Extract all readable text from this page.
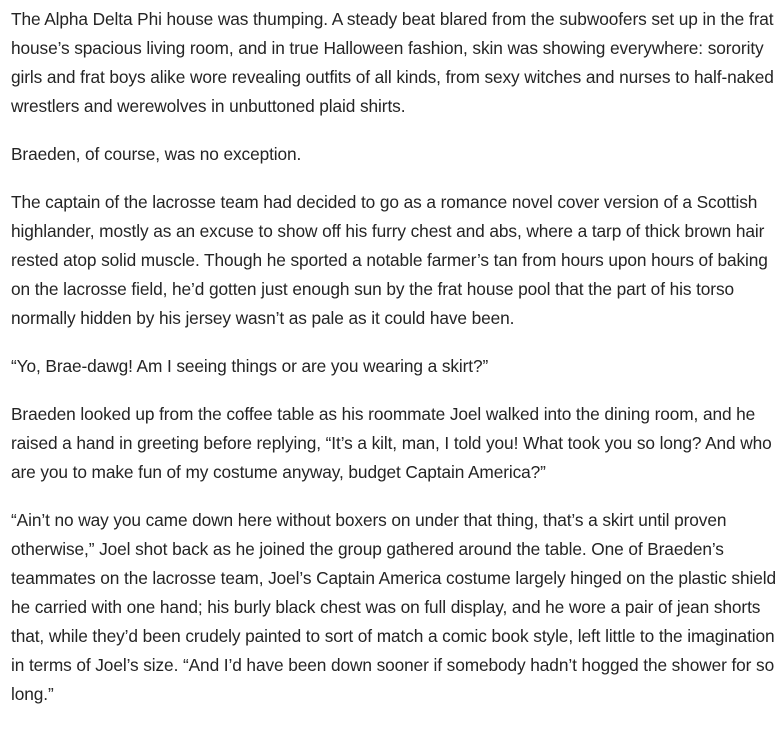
The Alpha Delta Phi house was thumping. A steady beat blared from the subwoofers set up in the frat house’s spacious living room, and in true Halloween fashion, skin was showing everywhere: sorority girls and frat boys alike wore revealing outfits of all kinds, from sexy witches and nurses to half-naked wrestlers and werewolves in unbuttoned plaid shirts.

Braeden, of course, was no exception.

The captain of the lacrosse team had decided to go as a romance novel cover version of a Scottish highlander, mostly as an excuse to show off his furry chest and abs, where a tarp of thick brown hair rested atop solid muscle. Though he sported a notable farmer’s tan from hours upon hours of baking on the lacrosse field, he’d gotten just enough sun by the frat house pool that the part of his torso normally hidden by his jersey wasn’t as pale as it could have been.

“Yo, Brae-dawg! Am I seeing things or are you wearing a skirt?”

Braeden looked up from the coffee table as his roommate Joel walked into the dining room, and he raised a hand in greeting before replying, “It’s a kilt, man, I told you! What took you so long? And who are you to make fun of my costume anyway, budget Captain America?”

“Ain’t no way you came down here without boxers on under that thing, that’s a skirt until proven otherwise,” Joel shot back as he joined the group gathered around the table. One of Braeden’s teammates on the lacrosse team, Joel’s Captain America costume largely hinged on the plastic shield he carried with one hand; his burly black chest was on full display, and he wore a pair of jean shorts that, while they’d been crudely painted to sort of match a comic book style, left little to the imagination in terms of Joel’s size. “And I’d have been down sooner if somebody hadn’t hogged the shower for so long.”
